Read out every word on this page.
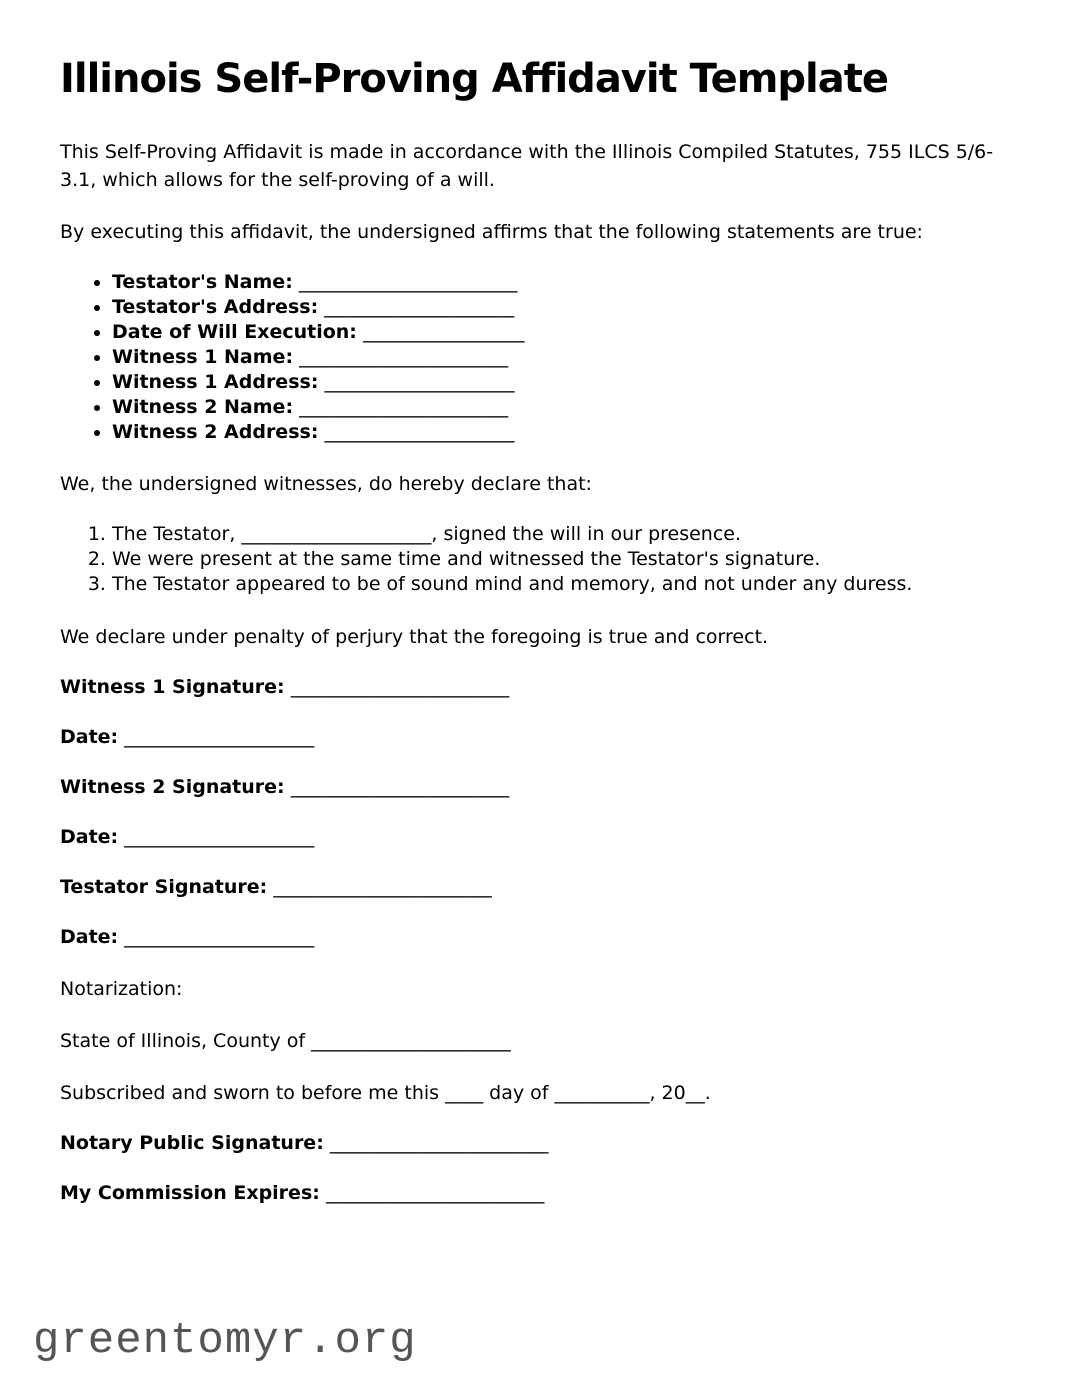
Illinois Self-Proving Affidavit Template

This Self-Proving Affidavit is made in accordance with the Illinois Compiled Statutes, 755 ILCS 5/6-3.1, which allows for the self-proving of a will.

By executing this affidavit, the undersigned affirms that the following statements are true:

• Testator's Name: _______________________
• Testator's Address: ____________________
• Date of Will Execution: _________________
• Witness 1 Name: ______________________
• Witness 1 Address: ____________________
• Witness 2 Name: ______________________
• Witness 2 Address: ____________________

We, the undersigned witnesses, do hereby declare that:

1. The Testator, ____________________, signed the will in our presence.
2. We were present at the same time and witnessed the Testator's signature.
3. The Testator appeared to be of sound mind and memory, and not under any duress.

We declare under penalty of perjury that the foregoing is true and correct.

Witness 1 Signature: _______________________

Date: ____________________

Witness 2 Signature: _______________________

Date: ____________________

Testator Signature: _______________________

Date: ____________________

Notarization:

State of Illinois, County of _____________________

Subscribed and sworn to before me this ____ day of __________, 20__.

Notary Public Signature: _______________________

My Commission Expires: _______________________

greentomyr.org
